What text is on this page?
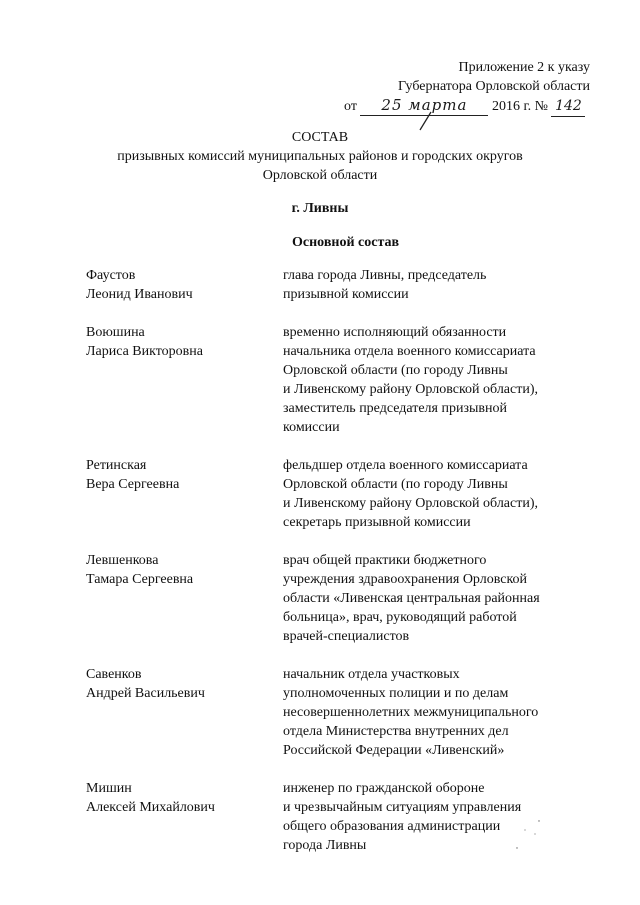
Приложение 2 к указу
Губернатора Орловской области
от 25 марта 2016 г. № 142
СОСТАВ
призывных комиссий муниципальных районов и городских округов
Орловской области
г. Ливны
Основной состав
Фаустов
Леонид Иванович
глава города Ливны, председатель
призывной комиссии
Воюшина
Лариса Викторовна
временно исполняющий обязанности
начальника отдела военного комиссариата
Орловской области (по городу Ливны
и Ливенскому району Орловской области),
заместитель председателя призывной
комиссии
Ретинская
Вера Сергеевна
фельдшер отдела военного комиссариата
Орловской области (по городу Ливны
и Ливенскому району Орловской области),
секретарь призывной комиссии
Левшенкова
Тамара Сергеевна
врач общей практики бюджетного
учреждения здравоохранения Орловской
области «Ливенская центральная районная
больница», врач, руководящий работой
врачей-специалистов
Савенков
Андрей Васильевич
начальник отдела участковых
уполномоченных полиции и по делам
несовершеннолетних межмуниципального
отдела Министерства внутренних дел
Российской Федерации «Ливенский»
Мишин
Алексей Михайлович
инженер по гражданской обороне
и чрезвычайным ситуациям управления
общего образования администрации
города Ливны
